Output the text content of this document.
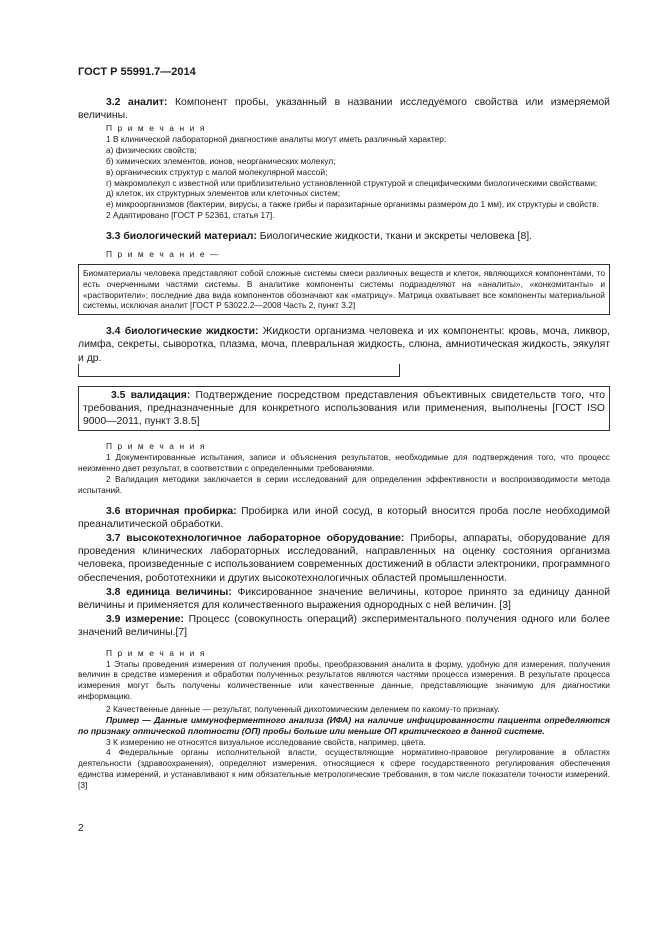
ГОСТ Р 55991.7—2014

3.2 аналит: Компонент пробы, указанный в названии исследуемого свойства или измеряемой величины.

П р и м е ч а н и я

1 В клинической лабораторной диагностике аналиты могут иметь различный характер:

а) физических свойств;

б) химических элементов, ионов, неорганических молекул;

в) органических структур с малой молекулярной массой;

г) макромолекул с известной или приблизительно установленной структурой и специфическими биологическими свойствами;

д) клеток, их структурных элементов или клеточных систем;

е) микроорганизмов (бактерии, вирусы, а также грибы и паразитарные организмы размером до 1 мм), их структуры и свойств.

2 Адаптировано [ГОСТ Р 52361, статья 17].

3.3 биологический материал: Биологические жидкости, ткани и экскреты человека [8].

П р и м е ч а н и е —

Биоматериалы человека представляют собой сложные системы смеси различных веществ и клеток, являющихся компонентами, то есть очерченными частями системы. В аналитике компоненты системы подразделяют на «аналиты», «конкомитанты» и «растворители»; последние два вида компонентов обозначают как «матрицу». Матрица охватывает все компоненты материальной системы, исключая аналит [ГОСТ Р 53022.2—2008 Часть 2, пункт 3.2]

3.4 биологические жидкости: Жидкости организма человека и их компоненты: кровь, моча, ликвор, лимфа, секреты, сыворотка, плазма, моча, плевральная жидкость, слюна, амниотическая жидкость, эякулят и др.

3.5 валидация: Подтверждение посредством представления объективных свидетельств того, что требования, предназначенные для конкретного использования или применения, выполнены [ГОСТ ISO 9000—2011, пункт 3.8.5]

П р и м е ч а н и я

1 Документированные испытания, записи и объяснения результатов, необходимые для подтверждения того, что процесс неизменно дает результат, в соответствии с определенными требованиями.

2 Валидация методики заключается в серии исследований для определения эффективности и воспроизводимости метода испытаний.

3.6 вторичная пробирка: Пробирка или иной сосуд, в который вносится проба после необходимой преаналитической обработки.

3.7 высокотехнологичное лабораторное оборудование: Приборы, аппараты, оборудование для проведения клинических лабораторных исследований, направленных на оценку состояния организма человека, произведенные с использованием современных достижений в области электроники, программного обеспечения, робототехники и других высокотехнологичных областей промышленности.

3.8 единица величины: Фиксированное значение величины, которое принято за единицу данной величины и применяется для количественного выражения однородных с ней величин. [3]

3.9 измерение: Процесс (совокупность операций) экспериментального получения одного или более значений величины.[7]

П р и м е ч а н и я

1 Этапы проведения измерения от получения пробы, преобразования аналита в форму, удобную для измерения, получения величин в средстве измерения и обработки полученных результатов являются частями процесса измерения. В результате процесса измерения могут быть получены количественные или качественные данные, представляющие значимую для диагностики информацию.

2 Качественные данные — результат, полученный дихотомическим делением по какому-то признаку.

Пример — Данные иммуноферментного анализа (ИФА) на наличие инфицированности пациента определяются по признаку оптической плотности (ОП) пробы больше или меньше ОП критического в данной системе.

3 К измерению не относятся визуальное исследование свойств, например, цвета.

4 Федеральные органы исполнительной власти, осуществляющие нормативно-правовое регулирование в областях деятельности (здравоохранения), определяют измерения, относящиеся к сфере государственного регулирования обеспечения единства измерений, и устанавливают к ним обязательные метрологические требования, в том числе показатели точности измерений. [3]

2
